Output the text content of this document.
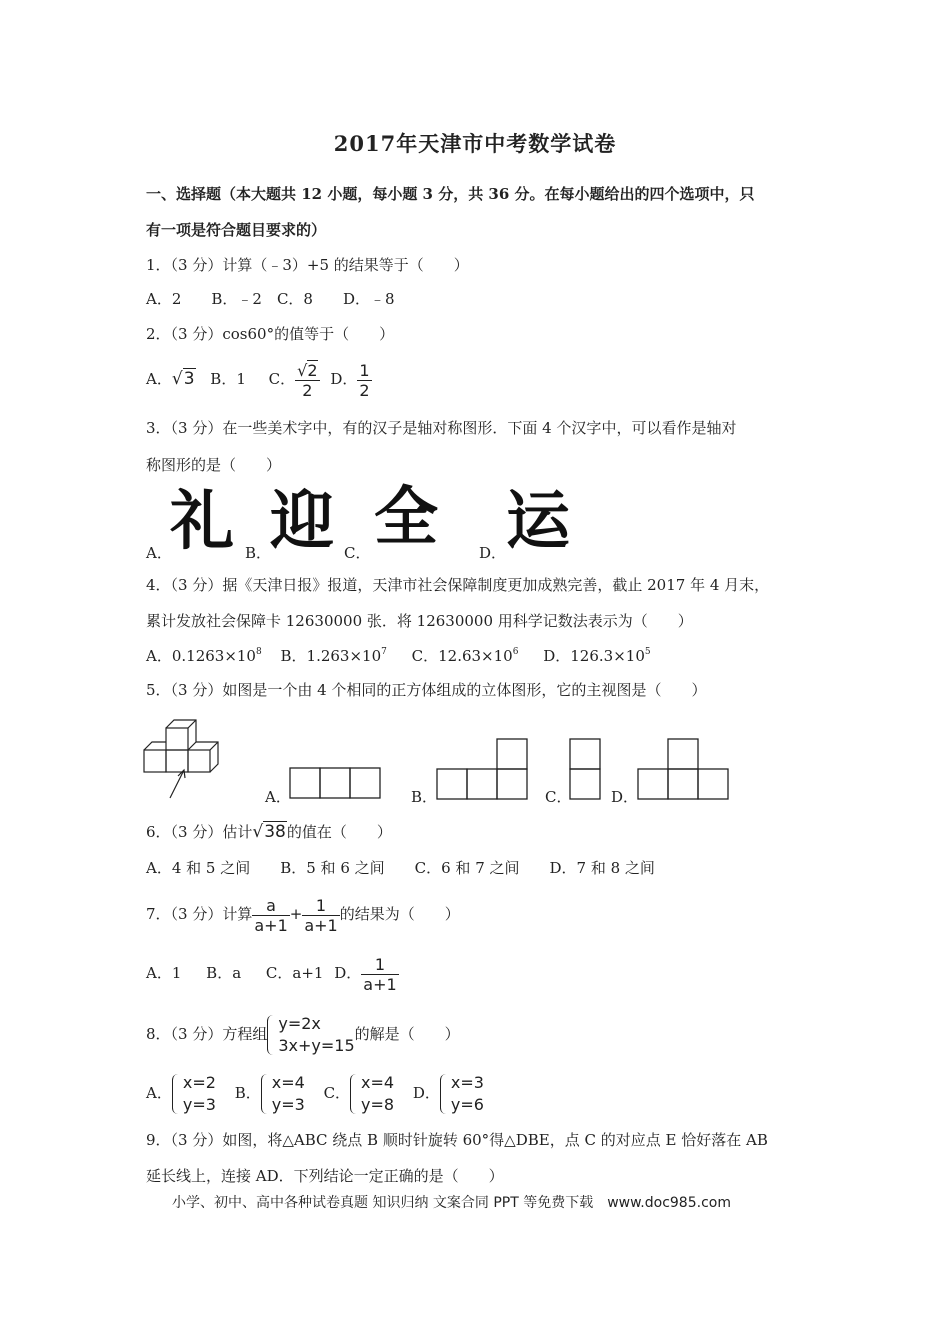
2017年天津市中考数学试卷
一、选择题（本大题共 12 小题，每小题 3 分，共 36 分。在每小题给出的四个选项中，只
有一项是符合题目要求的）
1．（3 分）计算（﹣3）+5 的结果等于（　　）
A．2　　B．﹣2　C．8　　D．﹣8
2．（3 分）cos60°的值等于（　　）
A．√3 B．1 C． $\frac{√2}{2}$ D． $\frac{1}{2}$
3．（3 分）在一些美术字中，有的汉子是轴对称图形．下面 4 个汉字中，可以看作是轴对
称图形的是（　　）
A．
礼 B．
迎 C． 全	D． 运
4．（3 分）据《天津日报》报道，天津市社会保障制度更加成熟完善，截止 2017 年 4 月末，
累计发放社会保障卡 12630000 张．将 12630000 用科学记数法表示为（　　）
A．$0.1263\times 10^8$ B．$1.263\times 10^7$ C．$12.63\times 10^6$ D．$126.3\times 10^5$
5．（3 分）如图是一个由 4 个相同的正方体组成的立体图形，它的主视图是（　　）
A．	B．	C．	D．
6．（3 分）估计√38的值在（　　）
A．4 和 5 之间　　B．5 和 6 之间　　C．6 和 7 之间　　D．7 和 8 之间
7．（3 分）计算 $\frac{a}{a+1} + \frac{1}{a+1}$ 的结果为（　　）
A．1 B．a C．a+1 D． $\frac{1}{a+1}$
8．（3 分）方程组
y=2x
3x+y=15
的解是（　　）
A．
x=2
y=3
B．
x=4
y=3
C．
x=4
y=8
D．
x=3
y=6
9．（3 分）如图，将△ABC 绕点 B 顺时针旋转 60°得△DBE，点 C 的对应点 E 恰好落在 AB
延长线上，连接 AD．下列结论一定正确的是（　　）
小学、初中、高中各种试卷真题 知识归纳 文案合同 PPT 等免费下载　www.doc985.com
